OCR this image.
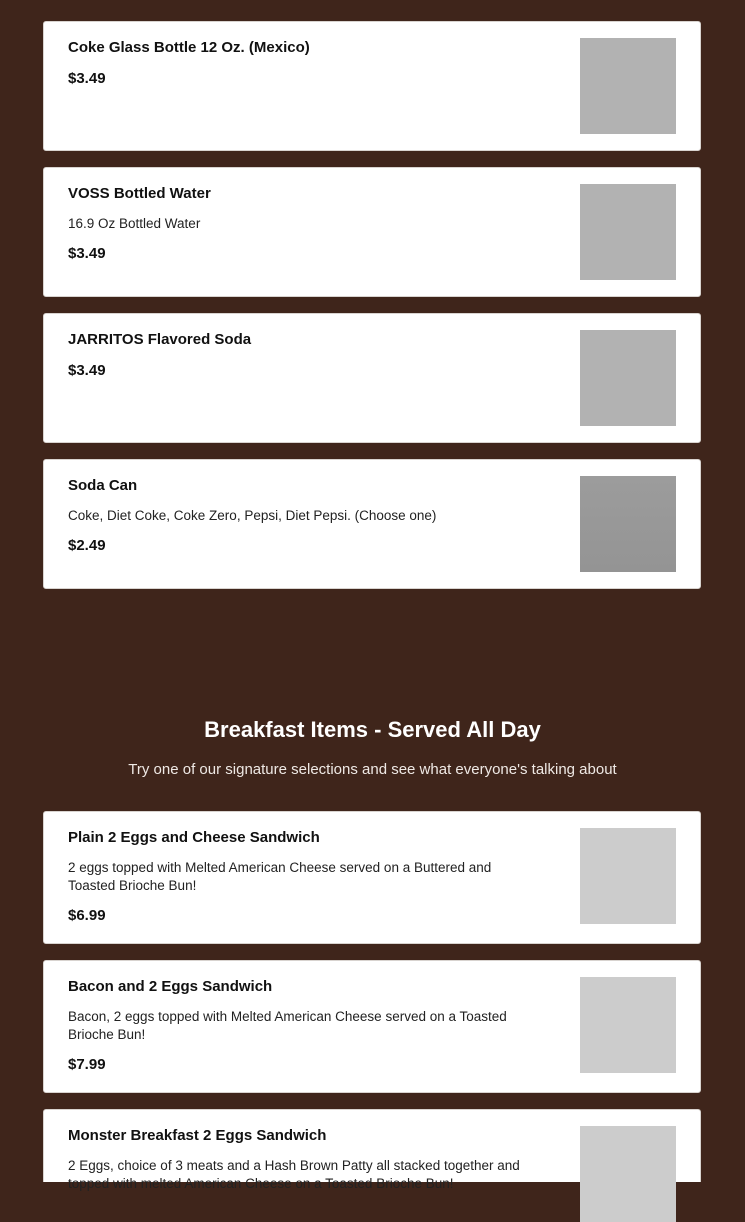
Coke Glass Bottle 12 Oz. (Mexico)
$3.49
VOSS Bottled Water
16.9 Oz Bottled Water
$3.49
JARRITOS Flavored Soda
$3.49
Soda Can
Coke, Diet Coke, Coke Zero, Pepsi, Diet Pepsi. (Choose one)
$2.49
Breakfast Items - Served All Day
Try one of our signature selections and see what everyone's talking about
Plain 2 Eggs and Cheese Sandwich
2 eggs topped with Melted American Cheese served on a Buttered and Toasted Brioche Bun!
$6.99
Bacon and 2 Eggs Sandwich
Bacon, 2 eggs topped with Melted American Cheese served on a Toasted Brioche Bun!
$7.99
Monster Breakfast 2 Eggs Sandwich
2 Eggs, choice of 3 meats and a Hash Brown Patty all stacked together and topped with melted American Cheese on a Toasted Brioche Bun!
